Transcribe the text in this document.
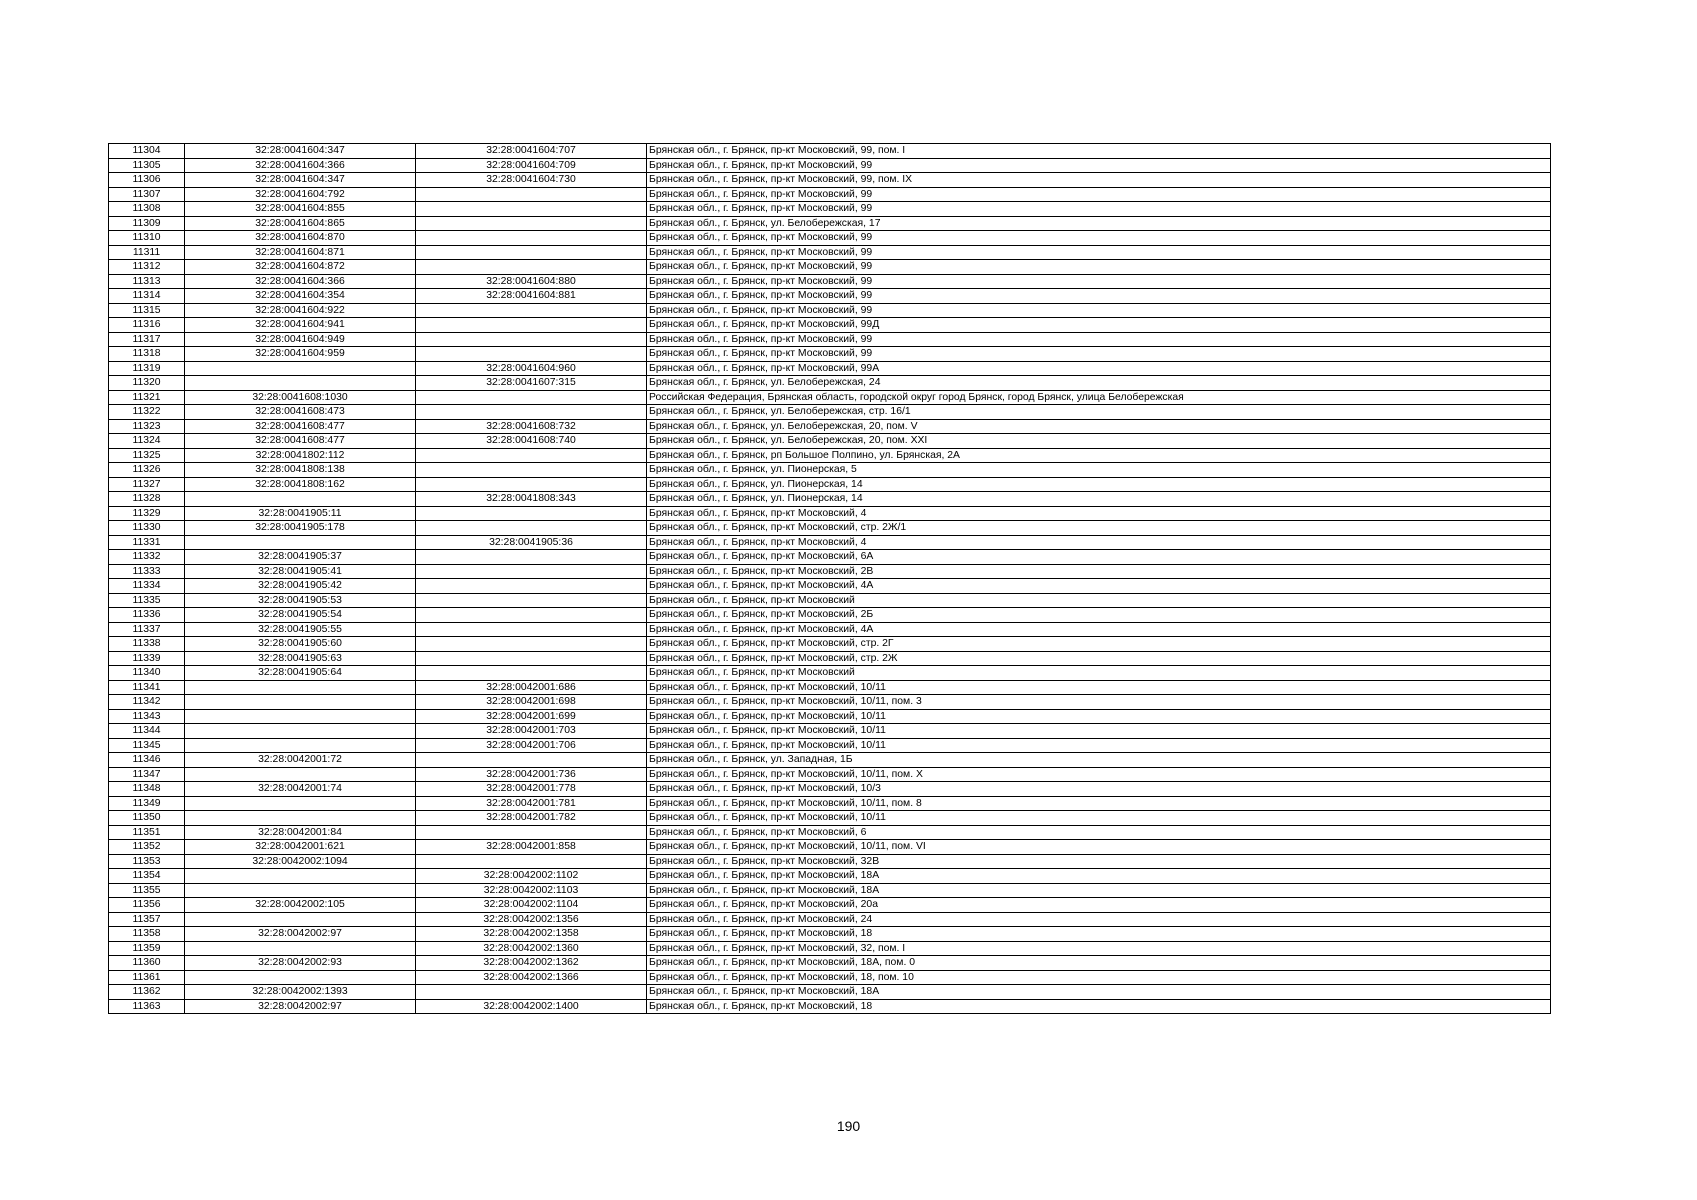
11304	32:28:0041604:347	32:28:0041604:707	Брянская обл., г. Брянск, пр-кт Московский, 99, пом. I
11305	32:28:0041604:366	32:28:0041604:709	Брянская обл., г. Брянск, пр-кт Московский, 99
11306	32:28:0041604:347	32:28:0041604:730	Брянская обл., г. Брянск, пр-кт Московский, 99, пом. IX
11307	32:28:0041604:792		Брянская обл., г. Брянск, пр-кт Московский, 99
11308	32:28:0041604:855		Брянская обл., г. Брянск, пр-кт Московский, 99
11309	32:28:0041604:865		Брянская обл., г. Брянск, ул. Белобережская, 17
11310	32:28:0041604:870		Брянская обл., г. Брянск, пр-кт Московский, 99
11311	32:28:0041604:871		Брянская обл., г. Брянск, пр-кт Московский, 99
11312	32:28:0041604:872		Брянская обл., г. Брянск, пр-кт Московский, 99
11313	32:28:0041604:366	32:28:0041604:880	Брянская обл., г. Брянск, пр-кт Московский, 99
11314	32:28:0041604:354	32:28:0041604:881	Брянская обл., г. Брянск, пр-кт Московский, 99
11315	32:28:0041604:922		Брянская обл., г. Брянск, пр-кт Московский, 99
11316	32:28:0041604:941		Брянская обл., г. Брянск, пр-кт Московский, 99Д
11317	32:28:0041604:949		Брянская обл., г. Брянск, пр-кт Московский, 99
11318	32:28:0041604:959		Брянская обл., г. Брянск, пр-кт Московский, 99
11319		32:28:0041604:960	Брянская обл., г. Брянск, пр-кт Московский, 99А
11320		32:28:0041607:315	Брянская обл., г. Брянск, ул. Белобережская, 24
11321	32:28:0041608:1030		Российская Федерация, Брянская область, городской округ город Брянск, город Брянск, улица Белобережская
11322	32:28:0041608:473		Брянская обл., г. Брянск, ул. Белобережская, стр. 16/1
11323	32:28:0041608:477	32:28:0041608:732	Брянская обл., г. Брянск, ул. Белобережская, 20, пом. V
11324	32:28:0041608:477	32:28:0041608:740	Брянская обл., г. Брянск, ул. Белобережская, 20, пом. XXI
11325	32:28:0041802:112		Брянская обл., г. Брянск, рп Большое Полпино, ул. Брянская, 2А
11326	32:28:0041808:138		Брянская обл., г. Брянск, ул. Пионерская, 5
11327	32:28:0041808:162		Брянская обл., г. Брянск, ул. Пионерская, 14
11328		32:28:0041808:343	Брянская обл., г. Брянск, ул. Пионерская, 14
11329	32:28:0041905:11		Брянская обл., г. Брянск, пр-кт Московский, 4
11330	32:28:0041905:178		Брянская обл., г. Брянск, пр-кт Московский, стр. 2Ж/1
11331		32:28:0041905:36	Брянская обл., г. Брянск, пр-кт Московский, 4
11332	32:28:0041905:37		Брянская обл., г. Брянск, пр-кт Московский, 6А
11333	32:28:0041905:41		Брянская обл., г. Брянск, пр-кт Московский, 2В
11334	32:28:0041905:42		Брянская обл., г. Брянск, пр-кт Московский, 4А
11335	32:28:0041905:53		Брянская обл., г. Брянск, пр-кт Московский
11336	32:28:0041905:54		Брянская обл., г. Брянск, пр-кт Московский, 2Б
11337	32:28:0041905:55		Брянская обл., г. Брянск, пр-кт Московский, 4А
11338	32:28:0041905:60		Брянская обл., г. Брянск, пр-кт Московский, стр. 2Г
11339	32:28:0041905:63		Брянская обл., г. Брянск, пр-кт Московский, стр. 2Ж
11340	32:28:0041905:64		Брянская обл., г. Брянск, пр-кт Московский
11341		32:28:0042001:686	Брянская обл., г. Брянск, пр-кт Московский, 10/11
11342		32:28:0042001:698	Брянская обл., г. Брянск, пр-кт Московский, 10/11, пом. 3
11343		32:28:0042001:699	Брянская обл., г. Брянск, пр-кт Московский, 10/11
11344		32:28:0042001:703	Брянская обл., г. Брянск, пр-кт Московский, 10/11
11345		32:28:0042001:706	Брянская обл., г. Брянск, пр-кт Московский, 10/11
11346	32:28:0042001:72		Брянская обл., г. Брянск, ул. Западная, 1Б
11347		32:28:0042001:736	Брянская обл., г. Брянск, пр-кт Московский, 10/11, пом. X
11348	32:28:0042001:74	32:28:0042001:778	Брянская обл., г. Брянск, пр-кт Московский, 10/3
11349		32:28:0042001:781	Брянская обл., г. Брянск, пр-кт Московский, 10/11, пом. 8
11350		32:28:0042001:782	Брянская обл., г. Брянск, пр-кт Московский, 10/11
11351	32:28:0042001:84		Брянская обл., г. Брянск, пр-кт Московский, 6
11352	32:28:0042001:621	32:28:0042001:858	Брянская обл., г. Брянск, пр-кт Московский, 10/11, пом. VI
11353	32:28:0042002:1094		Брянская обл., г. Брянск, пр-кт Московский, 32В
11354		32:28:0042002:1102	Брянская обл., г. Брянск, пр-кт Московский, 18А
11355		32:28:0042002:1103	Брянская обл., г. Брянск, пр-кт Московский, 18А
11356	32:28:0042002:105	32:28:0042002:1104	Брянская обл., г. Брянск, пр-кт Московский, 20а
11357		32:28:0042002:1356	Брянская обл., г. Брянск, пр-кт Московский, 24
11358	32:28:0042002:97	32:28:0042002:1358	Брянская обл., г. Брянск, пр-кт Московский, 18
11359		32:28:0042002:1360	Брянская обл., г. Брянск, пр-кт Московский, 32, пом. I
11360	32:28:0042002:93	32:28:0042002:1362	Брянская обл., г. Брянск, пр-кт Московский, 18А, пом. 0
11361		32:28:0042002:1366	Брянская обл., г. Брянск, пр-кт Московский, 18, пом. 10
11362	32:28:0042002:1393		Брянская обл., г. Брянск, пр-кт Московский, 18А
11363	32:28:0042002:97	32:28:0042002:1400	Брянская обл., г. Брянск, пр-кт Московский, 18
190
